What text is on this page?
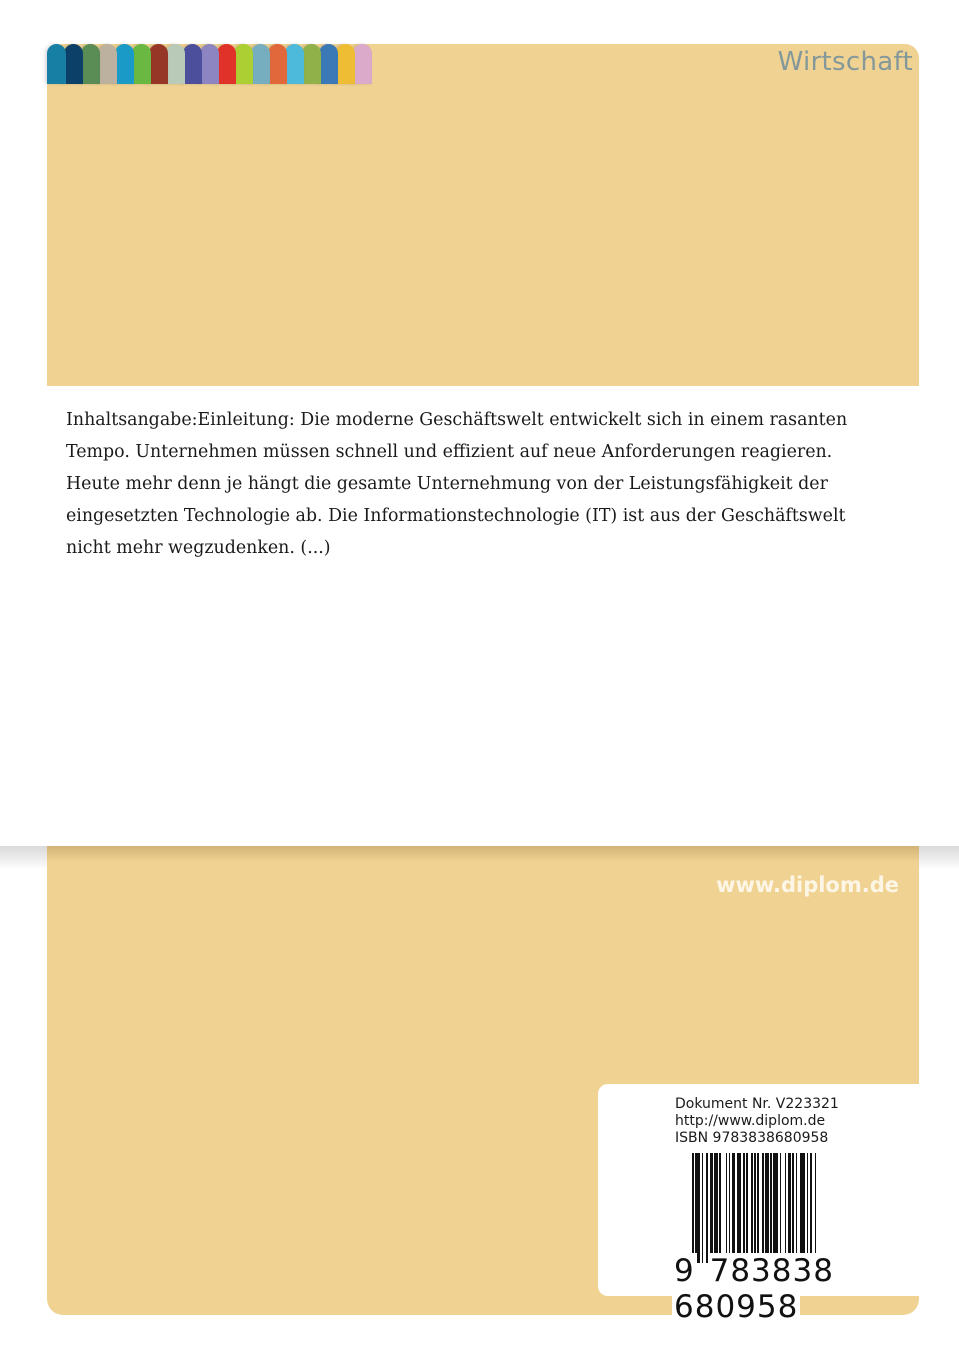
Wirtschaft

Inhaltsangabe:Einleitung: Die moderne Geschäftswelt entwickelt sich in einem rasanten

Tempo. Unternehmen müssen schnell und effizient auf neue Anforderungen reagieren.

Heute mehr denn je hängt die gesamte Unternehmung von der Leistungsfähigkeit der

eingesetzten Technologie ab. Die Informationstechnologie (IT) ist aus der Geschäftswelt

nicht mehr wegzudenken. (...)

www.diplom.de
Dokument Nr. V223321
http://www.diplom.de
ISBN 9783838680958
9 783838 680958
